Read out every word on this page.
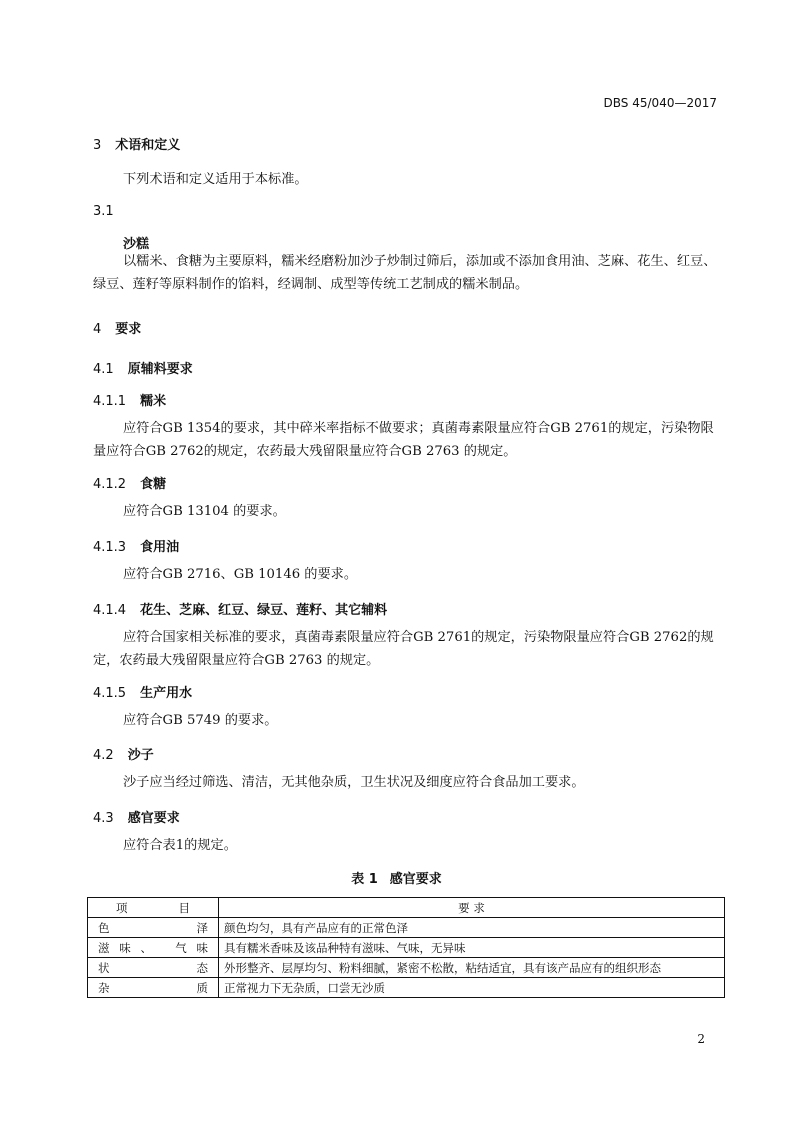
DBS 45/040—2017
3 术语和定义
下列术语和定义适用于本标准。
3.1
沙糕
以糯米、食糖为主要原料，糯米经磨粉加沙子炒制过筛后，添加或不添加食用油、芝麻、花生、红豆、绿豆、莲籽等原料制作的馅料，经调制、成型等传统工艺制成的糯米制品。
4 要求
4.1 原辅料要求
4.1.1 糯米
应符合GB 1354的要求，其中碎米率指标不做要求；真菌毒素限量应符合GB 2761的规定，污染物限量应符合GB 2762的规定，农药最大残留限量应符合GB 2763 的规定。
4.1.2 食糖
应符合GB 13104 的要求。
4.1.3 食用油
应符合GB 2716、GB 10146 的要求。
4.1.4 花生、芝麻、红豆、绿豆、莲籽、其它辅料
应符合国家相关标准的要求，真菌毒素限量应符合GB 2761的规定，污染物限量应符合GB 2762的规定，农药最大残留限量应符合GB 2763 的规定。
4.1.5 生产用水
应符合GB 5749 的要求。
4.2 沙子
沙子应当经过筛选、清洁，无其他杂质，卫生状况及细度应符合食品加工要求。
4.3 感官要求
应符合表1的规定。
表 1 感官要求
项 目	要 求
色 泽	颜色均匀，具有产品应有的正常色泽
滋味、 气味	具有糯米香味及该品种特有滋味、气味，无异味
状 态	外形整齐、层厚均匀、粉料细腻，紧密不松散，粘结适宜，具有该产品应有的组织形态
杂 质	正常视力下无杂质，口尝无沙质
2
